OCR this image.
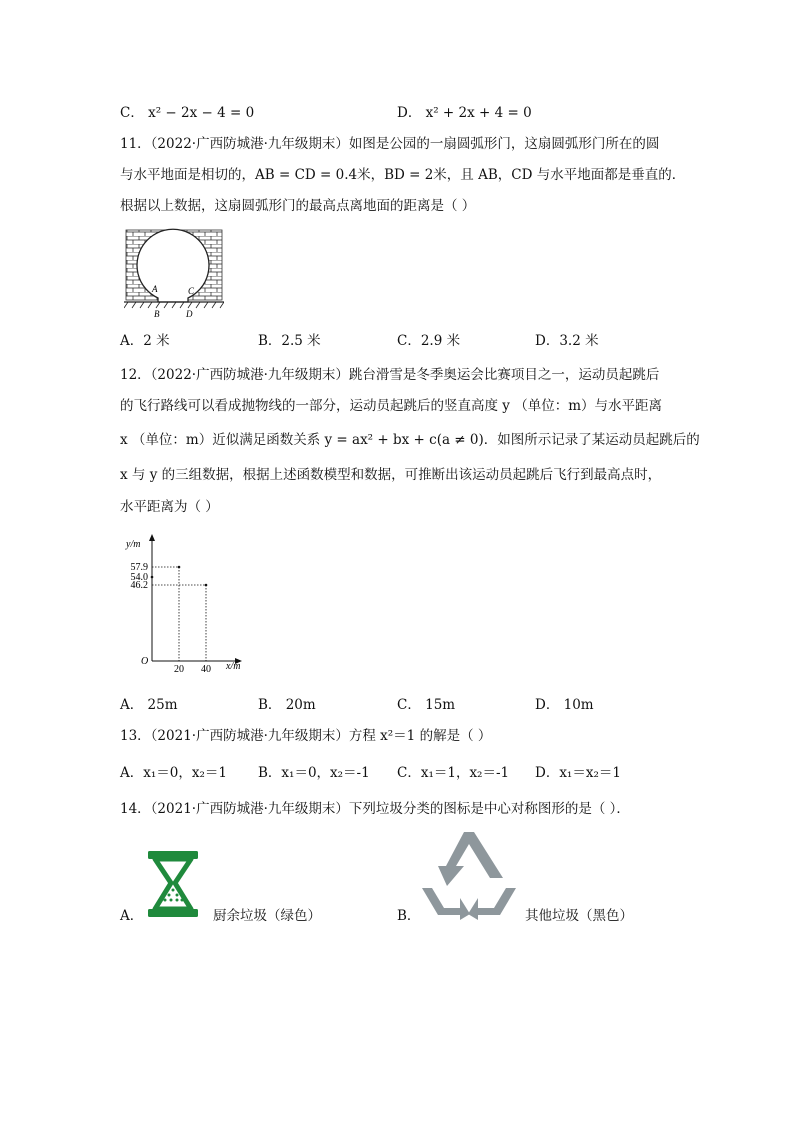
C． x² − 2x − 4 = 0	D． x² + 2x + 4 = 0
11．（2022·广西防城港·九年级期末）如图是公园的一扇圆弧形门，这扇圆弧形门所在的圆
与水平地面是相切的，AB = CD = 0.4米，BD = 2米，且 AB，CD 与水平地面都是垂直的．
根据以上数据，这扇圆弧形门的最高点离地面的距离是（ ）
A	C
B	D
A．2 米	B．2.5 米	C．2.9 米	D．3.2 米
12．（2022·广西防城港·九年级期末）跳台滑雪是冬季奥运会比赛项目之一，运动员起跳后
的飞行路线可以看成抛物线的一部分，运动员起跳后的竖直高度 y （单位：m）与水平距离
x （单位：m）近似满足函数关系 y = ax² + bx + c(a ≠ 0)．如图所示记录了某运动员起跳后的
x 与 y 的三组数据，根据上述函数模型和数据，可推断出该运动员起跳后飞行到最高点时，
水平距离为（ ）
y/m
x/m
O
57.9
54.0
46.2
20 40
A． 25m	B． 20m	C． 15m	D． 10m
13．（2021·广西防城港·九年级期末）方程 x²＝1 的解是（ ）
A．x₁＝0，x₂＝1 B．x₁＝0，x₂＝-1 C．x₁＝1，x₂＝-1 D．x₁＝x₂＝1
14．（2021·广西防城港·九年级期末）下列垃圾分类的图标是中心对称图形的是（ ）．
A．	厨余垃圾（绿色）	B．	其他垃圾（黑色）
